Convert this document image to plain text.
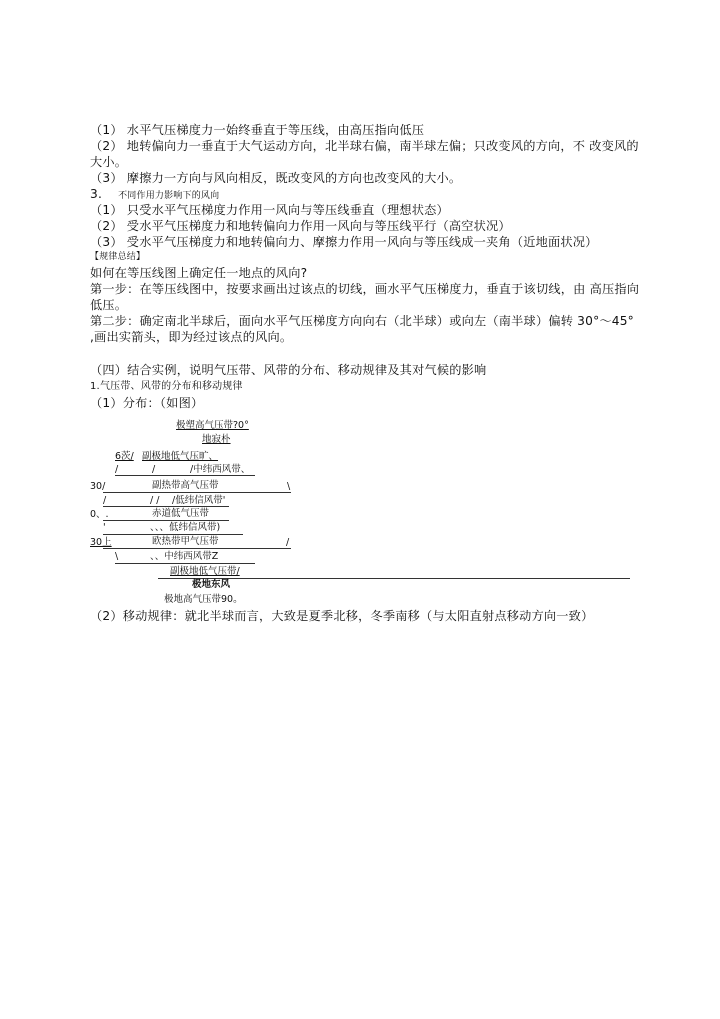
（1） 水平气压梯度力一始终垂直于等压线，由高压指向低压
（2） 地转偏向力一垂直于大气运动方向，北半球右偏，南半球左偏；只改变风的方向，不 改变风的
大小。
（3） 摩擦力一方向与风向相反，既改变风的方向也改变风的大小。
3. 不同作用力影响下的风向
（1） 只受水平气压梯度力作用一风向与等压线垂直（理想状态）
（2） 受水平气压梯度力和地转偏向力作用一风向与等压线平行（高空状况）
（3） 受水平气压梯度力和地转偏向力、摩擦力作用一风向与等压线成一夹角（近地面状况）
【规律总结】
如何在等压线图上确定任一地点的风向?
第一步：在等压线图中，按要求画出过该点的切线，画水平气压梯度力，垂直于该切线，由 高压指向
低压。
第二步：确定南北半球后，面向水平气压梯度方向向右（北半球）或向左（南半球）偏转 30°～45°
,画出实箭头，即为经过该点的风向。
（四）结合实例，说明气压带、风带的分布、移动规律及其对气候的影响
1.气压带、风带的分布和移动规律
（1）分布：（如图）
极塑高气压带?0°
地寂朴
6茨/ 副极地低气压旷、
/	/	/中纬西风带、
30/	副热带高气压带	\
/	/ / /低纬信风带'
0、.	赤道低气压带
'	、、、低纬信风带)
30上	欧热带甲气压带	/
\	、、中纬西风带Z
副极地低气压带/
极地东风
极地高气压带90。
（2）移动规律：就北半球而言，大致是夏季北移，冬季南移（与太阳直射点移动方向一致）
